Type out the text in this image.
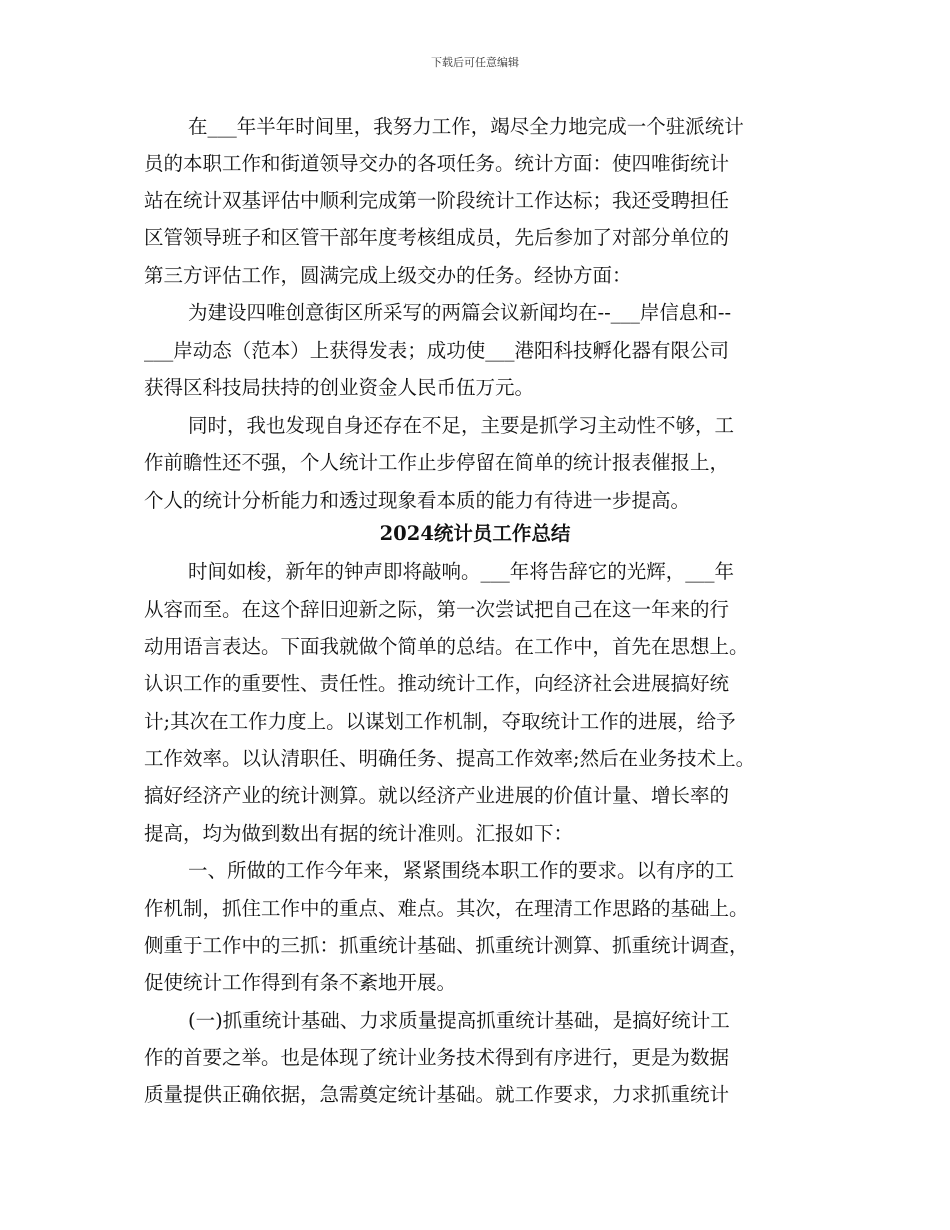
下载后可任意编辑
在___年半年时间里，我努力工作，竭尽全力地完成一个驻派统计
员的本职工作和街道领导交办的各项任务。统计方面：使四唯街统计
站在统计双基评估中顺利完成第一阶段统计工作达标；我还受聘担任
区管领导班子和区管干部年度考核组成员，先后参加了对部分单位的
第三方评估工作，圆满完成上级交办的任务。经协方面：
为建设四唯创意街区所采写的两篇会议新闻均在--___岸信息和--
___岸动态（范本）上获得发表；成功使___港阳科技孵化器有限公司
获得区科技局扶持的创业资金人民币伍万元。
同时，我也发现自身还存在不足，主要是抓学习主动性不够，工
作前瞻性还不强，个人统计工作止步停留在简单的统计报表催报上，
个人的统计分析能力和透过现象看本质的能力有待进一步提高。
2024统计员工作总结
时间如梭，新年的钟声即将敲响。___年将告辞它的光辉，___年
从容而至。在这个辞旧迎新之际，第一次尝试把自己在这一年来的行
动用语言表达。下面我就做个简单的总结。在工作中，首先在思想上。
认识工作的重要性、责任性。推动统计工作，向经济社会进展搞好统
计;其次在工作力度上。以谋划工作机制，夺取统计工作的进展，给予
工作效率。以认清职任、明确任务、提高工作效率;然后在业务技术上。
搞好经济产业的统计测算。就以经济产业进展的价值计量、增长率的
提高，均为做到数出有据的统计准则。汇报如下：
一、所做的工作今年来，紧紧围绕本职工作的要求。以有序的工
作机制，抓住工作中的重点、难点。其次，在理清工作思路的基础上。
侧重于工作中的三抓：抓重统计基础、抓重统计测算、抓重统计调查，
促使统计工作得到有条不紊地开展。
(一)抓重统计基础、力求质量提高抓重统计基础，是搞好统计工
作的首要之举。也是体现了统计业务技术得到有序进行，更是为数据
质量提供正确依据，急需奠定统计基础。就工作要求，力求抓重统计
